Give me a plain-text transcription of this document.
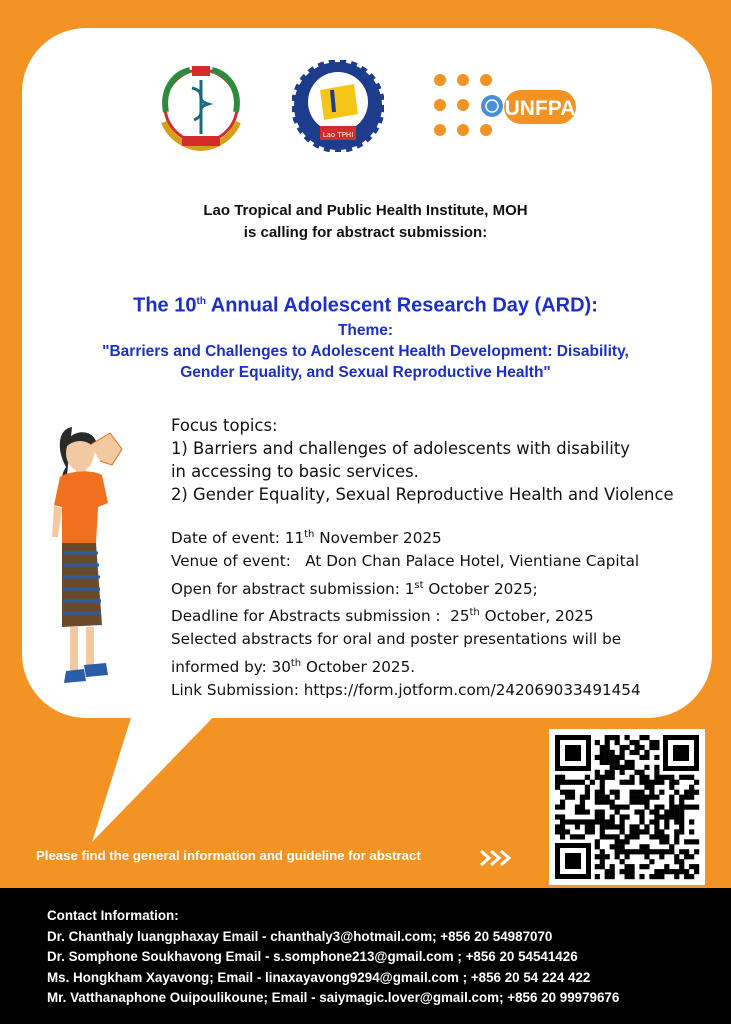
Lao TPHI
UNFPA
Lao Tropical and Public Health Institute, MOH
is calling for abstract submission:
The 10th Annual Adolescent Research Day (ARD):
Theme:
"Barriers and Challenges to Adolescent Health Development: Disability,
Gender Equality, and Sexual Reproductive Health"
Focus topics:
1) Barriers and challenges of adolescents with disability
in accessing to basic services.
2) Gender Equality, Sexual Reproductive Health and Violence
Date of event: 11th November 2025
Venue of event:   At Don Chan Palace Hotel, Vientiane Capital
Open for abstract submission: 1st October 2025;
Deadline for Abstracts submission :  25th October, 2025
Selected abstracts for oral and poster presentations will be
informed by: 30th October 2025.
Link Submission: https://form.jotform.com/242069033491454
Please find the general information and guideline for abstract
Contact Information:
Dr. Chanthaly luangphaxay Email - chanthaly3@hotmail.com; +856 20 54987070
Dr. Somphone Soukhavong Email - s.somphone213@gmail.com ; +856 20 54541426
Ms. Hongkham Xayavong; Email - linaxayavong9294@gmail.com ; +856 20 54 224 422
Mr. Vatthanaphone Ouipoulikoune; Email - saiymagic.lover@gmail.com; +856 20 99979676
